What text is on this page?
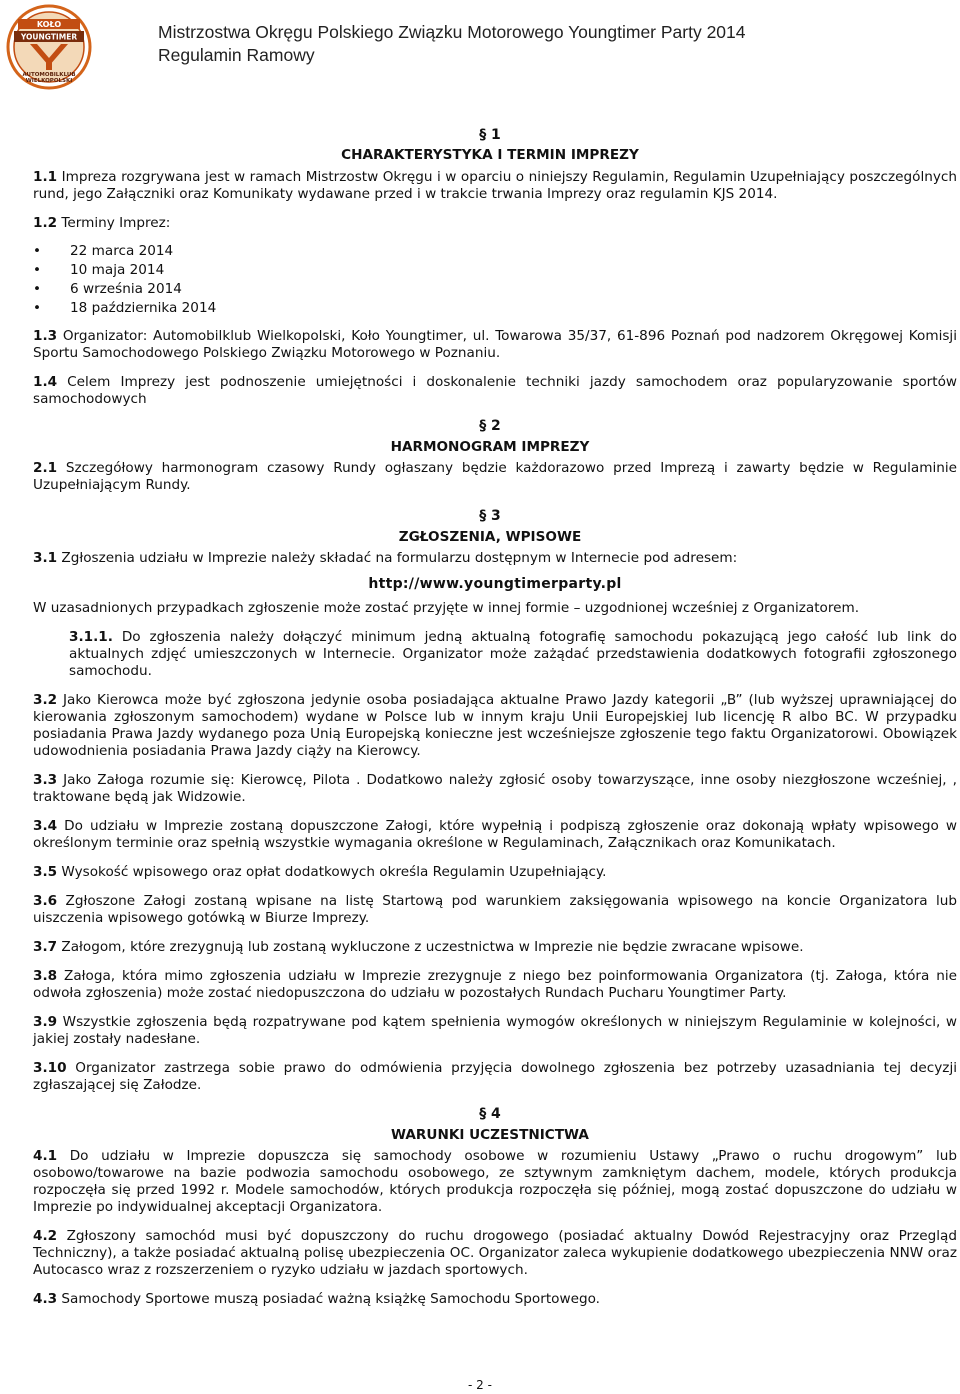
KOŁO
YOUNGTIMER
AUTOMOBILKLUB
WIELKOPOLSKI
Mistrzostwa Okręgu Polskiego Związku Motorowego Youngtimer Party 2014
Regulamin Ramowy
§ 1
CHARAKTERYSTYKA I TERMIN IMPREZY

1.1 Impreza rozgrywana jest w ramach Mistrzostw Okręgu i w oparciu o niniejszy Regulamin, Regulamin Uzupełniający poszczególnych rund, jego Załączniki oraz Komunikaty wydawane przed i w trakcie trwania Imprezy oraz regulamin KJS 2014.

1.2 Terminy Imprez:

• 22 marca 2014
• 10 maja 2014
• 6 września 2014
• 18 października 2014

1.3 Organizator: Automobilklub Wielkopolski, Koło Youngtimer, ul. Towarowa 35/37, 61-896 Poznań pod nadzorem Okręgowej Komisji Sportu Samochodowego Polskiego Związku Motorowego w Poznaniu.

1.4 Celem Imprezy jest podnoszenie umiejętności i doskonalenie techniki jazdy samochodem oraz popularyzowanie sportów samochodowych

§ 2
HARMONOGRAM IMPREZY

2.1 Szczegółowy harmonogram czasowy Rundy ogłaszany będzie każdorazowo przed Imprezą i zawarty będzie w Regulaminie Uzupełniającym Rundy.

§ 3
ZGŁOSZENIA, WPISOWE

3.1 Zgłoszenia udziału w Imprezie należy składać na formularzu dostępnym w Internecie pod adresem:

http://www.youngtimerparty.pl

W uzasadnionych przypadkach zgłoszenie może zostać przyjęte w innej formie – uzgodnionej wcześniej z Organizatorem.

3.1.1. Do zgłoszenia należy dołączyć minimum jedną aktualną fotografię samochodu pokazującą jego całość lub link do aktualnych zdjęć umieszczonych w Internecie. Organizator może zażądać przedstawienia dodatkowych fotografii zgłoszonego samochodu.

3.2 Jako Kierowca może być zgłoszona jedynie osoba posiadająca aktualne Prawo Jazdy kategorii „B” (lub wyższej uprawniającej do kierowania zgłoszonym samochodem) wydane w Polsce lub w innym kraju Unii Europejskiej lub licencję R albo BC. W przypadku posiadania Prawa Jazdy wydanego poza Unią Europejską konieczne jest wcześniejsze zgłoszenie tego faktu Organizatorowi. Obowiązek udowodnienia posiadania Prawa Jazdy ciąży na Kierowcy.

3.3 Jako Załoga rozumie się: Kierowcę, Pilota . Dodatkowo należy zgłosić osoby towarzyszące, inne osoby niezgłoszone wcześniej, , traktowane będą jak Widzowie.

3.4 Do udziału w Imprezie zostaną dopuszczone Załogi, które wypełnią i podpiszą zgłoszenie oraz dokonają wpłaty wpisowego w określonym terminie oraz spełnią wszystkie wymagania określone w Regulaminach, Załącznikach oraz Komunikatach.

3.5 Wysokość wpisowego oraz opłat dodatkowych określa Regulamin Uzupełniający.

3.6 Zgłoszone Załogi zostaną wpisane na listę Startową pod warunkiem zaksięgowania wpisowego na koncie Organizatora lub uiszczenia wpisowego gotówką w Biurze Imprezy.

3.7 Załogom, które zrezygnują lub zostaną wykluczone z uczestnictwa w Imprezie nie będzie zwracane wpisowe.

3.8 Załoga, która mimo zgłoszenia udziału w Imprezie zrezygnuje z niego bez poinformowania Organizatora (tj. Załoga, która nie odwoła zgłoszenia) może zostać niedopuszczona do udziału w pozostałych Rundach Pucharu Youngtimer Party.

3.9 Wszystkie zgłoszenia będą rozpatrywane pod kątem spełnienia wymogów określonych w niniejszym Regulaminie w kolejności, w jakiej zostały nadesłane.

3.10 Organizator zastrzega sobie prawo do odmówienia przyjęcia dowolnego zgłoszenia bez potrzeby uzasadniania tej decyzji zgłaszającej się Załodze.

§ 4
WARUNKI UCZESTNICTWA

4.1 Do udziału w Imprezie dopuszcza się samochody osobowe w rozumieniu Ustawy „Prawo o ruchu drogowym” lub osobowo/towarowe na bazie podwozia samochodu osobowego, ze sztywnym zamkniętym dachem, modele, których produkcja rozpoczęła się przed 1992 r. Modele samochodów, których produkcja rozpoczęła się później, mogą zostać dopuszczone do udziału w Imprezie po indywidualnej akceptacji Organizatora.

4.2 Zgłoszony samochód musi być dopuszczony do ruchu drogowego (posiadać aktualny Dowód Rejestracyjny oraz Przegląd Techniczny), a także posiadać aktualną polisę ubezpieczenia OC. Organizator zaleca wykupienie dodatkowego ubezpieczenia NNW oraz Autocasco wraz z rozszerzeniem o ryzyko udziału w jazdach sportowych.

4.3 Samochody Sportowe muszą posiadać ważną książkę Samochodu Sportowego.

- 2 -
